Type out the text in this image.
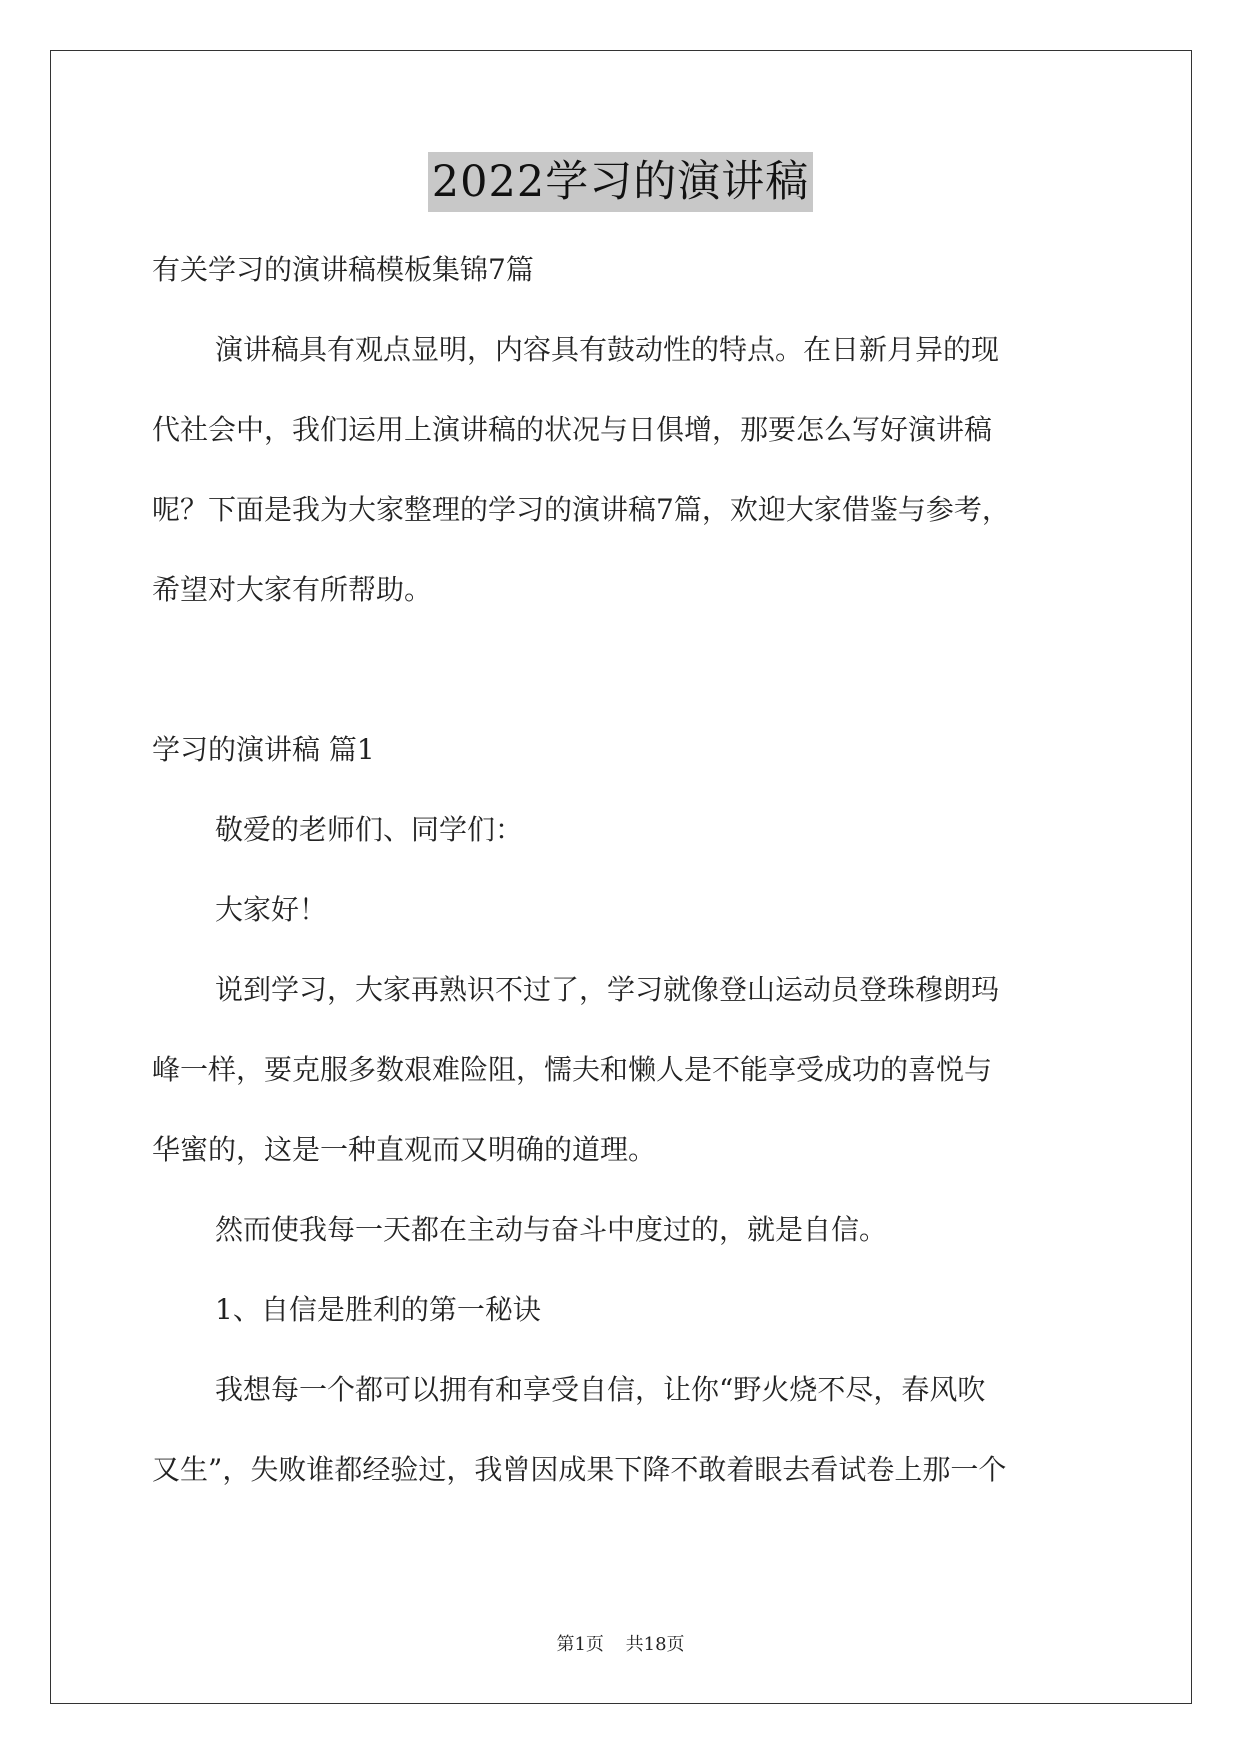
2022学习的演讲稿

有关学习的演讲稿模板集锦7篇

演讲稿具有观点显明，内容具有鼓动性的特点。在日新月异的现

代社会中，我们运用上演讲稿的状况与日俱增，那要怎么写好演讲稿

呢？下面是我为大家整理的学习的演讲稿7篇，欢迎大家借鉴与参考，

希望对大家有所帮助。

学习的演讲稿 篇1

敬爱的老师们、同学们：

大家好！

说到学习，大家再熟识不过了，学习就像登山运动员登珠穆朗玛

峰一样，要克服多数艰难险阻，懦夫和懒人是不能享受成功的喜悦与

华蜜的，这是一种直观而又明确的道理。

然而使我每一天都在主动与奋斗中度过的，就是自信。

1、自信是胜利的第一秘诀

我想每一个都可以拥有和享受自信，让你“野火烧不尽，春风吹

又生”，失败谁都经验过，我曾因成果下降不敢着眼去看试卷上那一个

第1页 共18页
